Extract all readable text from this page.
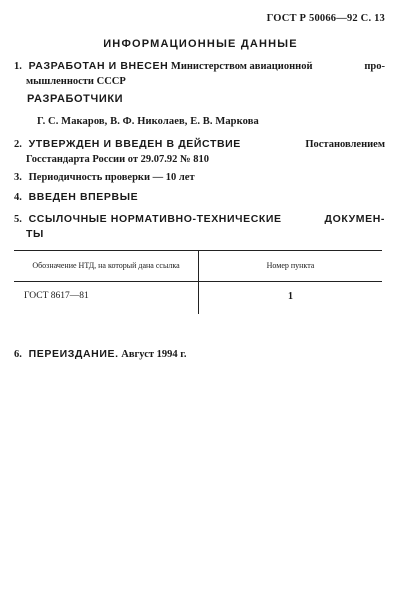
ГОСТ Р 50066—92 С. 13
ИНФОРМАЦИОННЫЕ ДАННЫЕ
1. РАЗРАБОТАН И ВНЕСЕН Министерством авиационной	про-
мышленности СССР
РАЗРАБОТЧИКИ
Г. С. Макаров, В. Ф. Николаев, Е. В. Маркова
2. УТВЕРЖДЕН И ВВЕДЕН В ДЕЙСТВИЕ	Постановлением
Госстандарта России от 29.07.92 № 810
3. Периодичность проверки — 10 лет
4. ВВЕДЕН ВПЕРВЫЕ
5. ССЫЛОЧНЫЕ НОРМАТИВНО-ТЕХНИЧЕСКИЕ	ДОКУМЕН-
ТЫ
Обозначение НТД, на который дана ссылка	Номер пункта
ГОСТ 8617—81	1
6. ПЕРЕИЗДАНИЕ. Август 1994 г.
